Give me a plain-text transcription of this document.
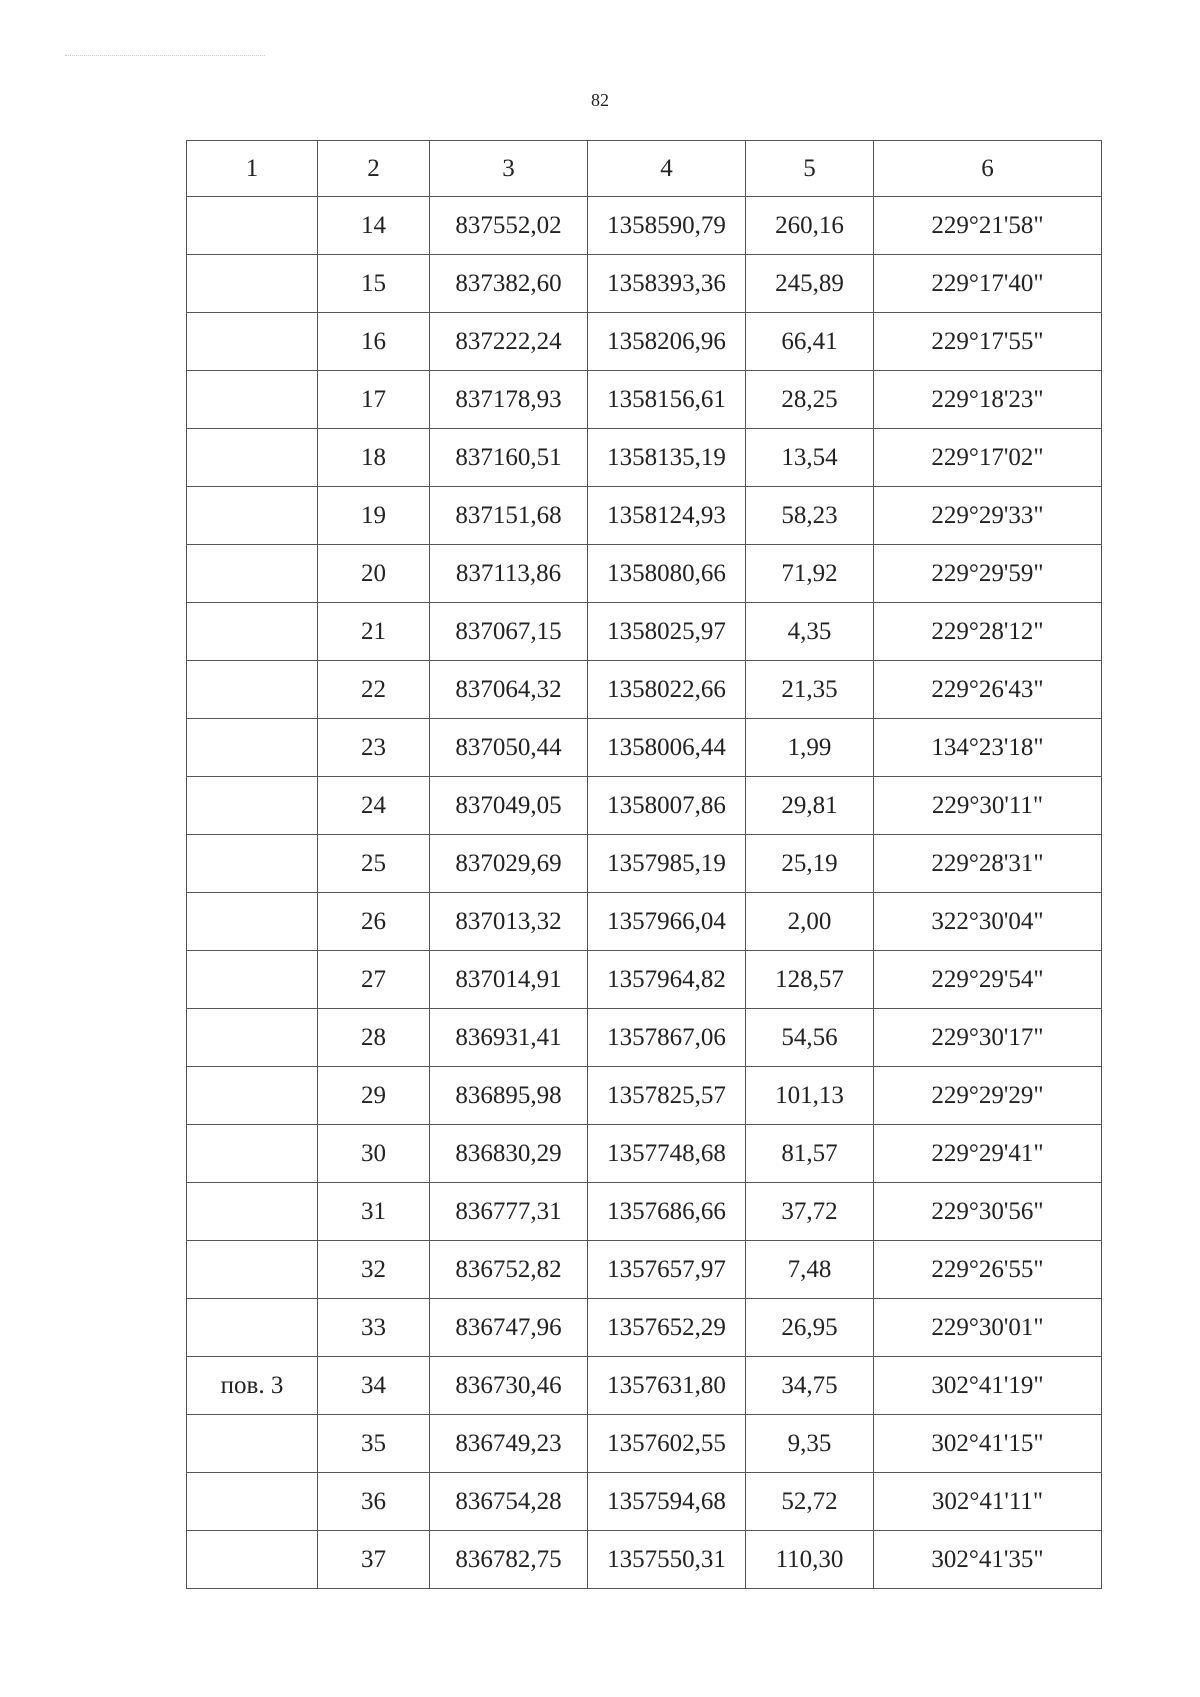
82
1	2	3	4	5	6
	14	837552,02	1358590,79	260,16	229°21'58"
	15	837382,60	1358393,36	245,89	229°17'40"
	16	837222,24	1358206,96	66,41	229°17'55"
	17	837178,93	1358156,61	28,25	229°18'23"
	18	837160,51	1358135,19	13,54	229°17'02"
	19	837151,68	1358124,93	58,23	229°29'33"
	20	837113,86	1358080,66	71,92	229°29'59"
	21	837067,15	1358025,97	4,35	229°28'12"
	22	837064,32	1358022,66	21,35	229°26'43"
	23	837050,44	1358006,44	1,99	134°23'18"
	24	837049,05	1358007,86	29,81	229°30'11"
	25	837029,69	1357985,19	25,19	229°28'31"
	26	837013,32	1357966,04	2,00	322°30'04"
	27	837014,91	1357964,82	128,57	229°29'54"
	28	836931,41	1357867,06	54,56	229°30'17"
	29	836895,98	1357825,57	101,13	229°29'29"
	30	836830,29	1357748,68	81,57	229°29'41"
	31	836777,31	1357686,66	37,72	229°30'56"
	32	836752,82	1357657,97	7,48	229°26'55"
	33	836747,96	1357652,29	26,95	229°30'01"
пов. 3	34	836730,46	1357631,80	34,75	302°41'19"
	35	836749,23	1357602,55	9,35	302°41'15"
	36	836754,28	1357594,68	52,72	302°41'11"
	37	836782,75	1357550,31	110,30	302°41'35"
